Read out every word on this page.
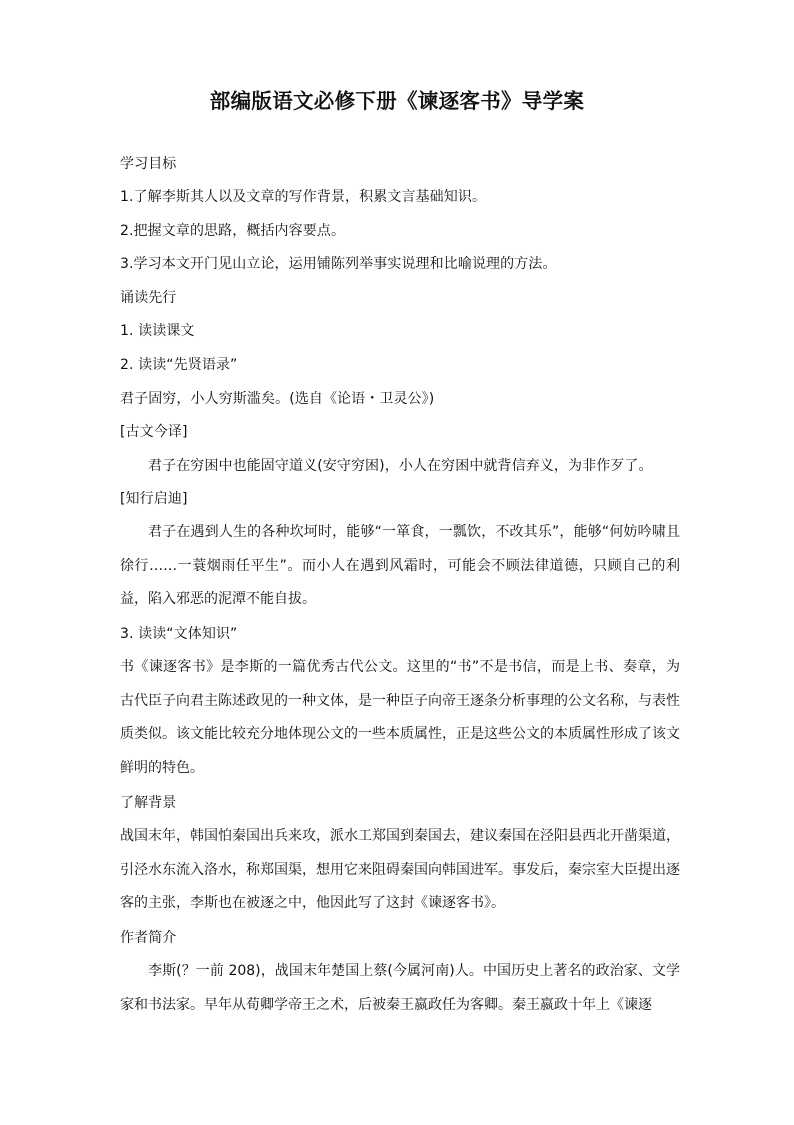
部编版语文必修下册《谏逐客书》导学案
学习目标
1.了解李斯其人以及文章的写作背景，积累文言基础知识。
2.把握文章的思路，概括内容要点。
3.学习本文开门见山立论，运用铺陈列举事实说理和比喻说理的方法。
诵读先行
1. 读读课文
2. 读读“先贤语录”
君子固穷，小人穷斯滥矣。(选自《论语・卫灵公》)
[古文今译]
君子在穷困中也能固守道义(安守穷困)，小人在穷困中就背信弃义，为非作歹了。
[知行启迪]
君子在遇到人生的各种坎坷时，能够“一箪食，一瓢饮，不改其乐”，能够“何妨吟啸且徐行……一蓑烟雨任平生”。而小人在遇到风霜时，可能会不顾法律道德，只顾自己的利益，陷入邪恶的泥潭不能自拔。
3. 读读“文体知识”
书《谏逐客书》是李斯的一篇优秀古代公文。这里的“书”不是书信，而是上书、奏章，为古代臣子向君主陈述政见的一种文体，是一种臣子向帝王逐条分析事理的公文名称，与表性质类似。该文能比较充分地体现公文的一些本质属性，正是这些公文的本质属性形成了该文鲜明的特色。
了解背景
战国末年，韩国怕秦国出兵来攻，派水工郑国到秦国去，建议秦国在泾阳县西北开凿渠道，引泾水东流入洛水，称郑国渠，想用它来阻碍秦国向韩国进军。事发后，秦宗室大臣提出逐客的主张，李斯也在被逐之中，他因此写了这封《谏逐客书》。
作者简介
李斯(？一前 208)，战国末年楚国上蔡(今属河南)人。中国历史上著名的政治家、文学家和书法家。早年从荀卿学帝王之术，后被秦王嬴政任为客卿。秦王嬴政十年上《谏逐
